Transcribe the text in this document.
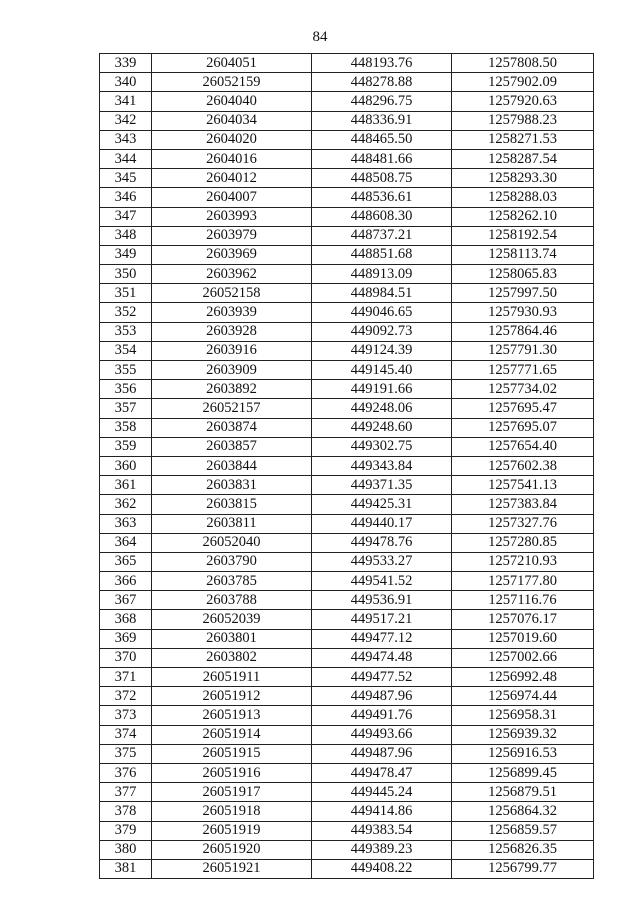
84
339	2604051	448193.76	1257808.50
340	26052159	448278.88	1257902.09
341	2604040	448296.75	1257920.63
342	2604034	448336.91	1257988.23
343	2604020	448465.50	1258271.53
344	2604016	448481.66	1258287.54
345	2604012	448508.75	1258293.30
346	2604007	448536.61	1258288.03
347	2603993	448608.30	1258262.10
348	2603979	448737.21	1258192.54
349	2603969	448851.68	1258113.74
350	2603962	448913.09	1258065.83
351	26052158	448984.51	1257997.50
352	2603939	449046.65	1257930.93
353	2603928	449092.73	1257864.46
354	2603916	449124.39	1257791.30
355	2603909	449145.40	1257771.65
356	2603892	449191.66	1257734.02
357	26052157	449248.06	1257695.47
358	2603874	449248.60	1257695.07
359	2603857	449302.75	1257654.40
360	2603844	449343.84	1257602.38
361	2603831	449371.35	1257541.13
362	2603815	449425.31	1257383.84
363	2603811	449440.17	1257327.76
364	26052040	449478.76	1257280.85
365	2603790	449533.27	1257210.93
366	2603785	449541.52	1257177.80
367	2603788	449536.91	1257116.76
368	26052039	449517.21	1257076.17
369	2603801	449477.12	1257019.60
370	2603802	449474.48	1257002.66
371	26051911	449477.52	1256992.48
372	26051912	449487.96	1256974.44
373	26051913	449491.76	1256958.31
374	26051914	449493.66	1256939.32
375	26051915	449487.96	1256916.53
376	26051916	449478.47	1256899.45
377	26051917	449445.24	1256879.51
378	26051918	449414.86	1256864.32
379	26051919	449383.54	1256859.57
380	26051920	449389.23	1256826.35
381	26051921	449408.22	1256799.77
